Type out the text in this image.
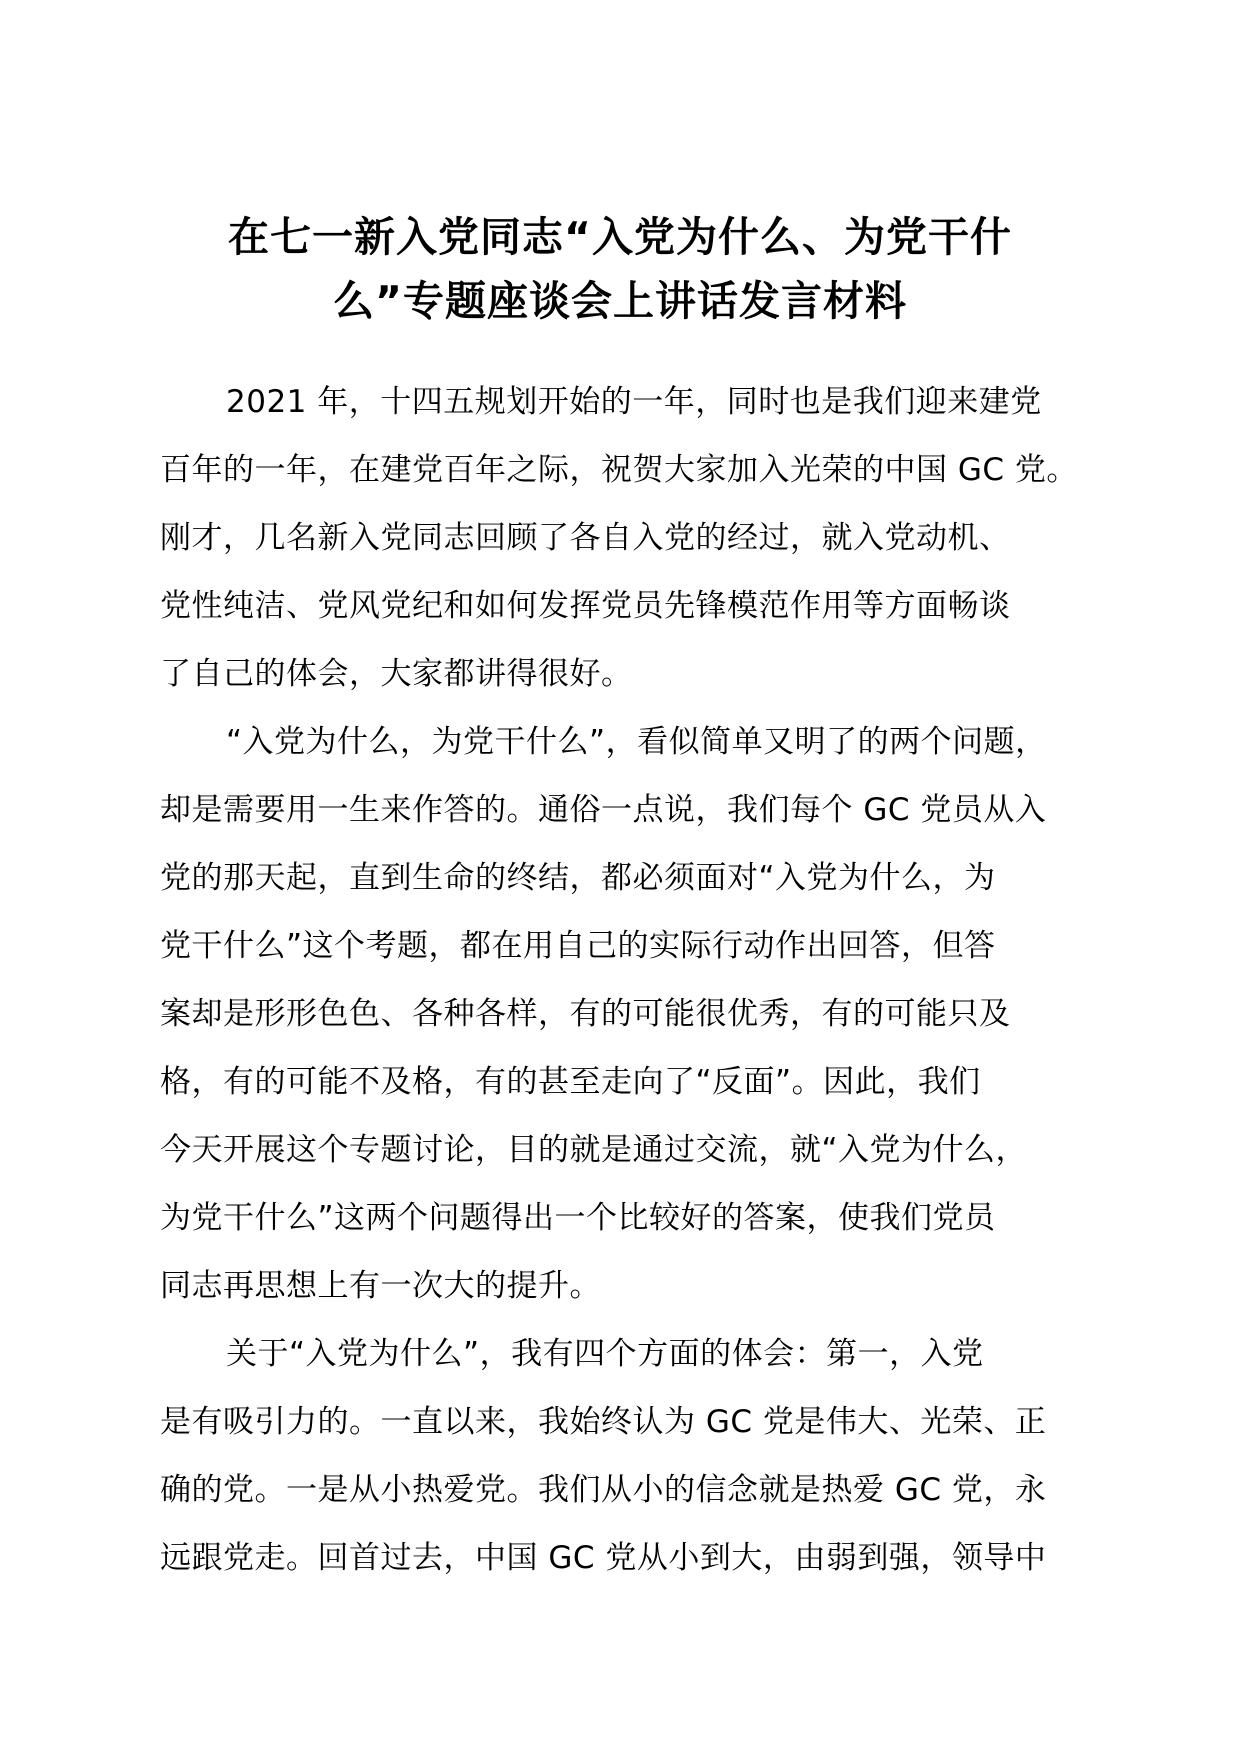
在七一新入党同志“入党为什么、为党干什
么”专题座谈会上讲话发言材料
2021 年，十四五规划开始的一年，同时也是我们迎来建党
百年的一年，在建党百年之际，祝贺大家加入光荣的中国 GC 党。
刚才，几名新入党同志回顾了各自入党的经过，就入党动机、
党性纯洁、党风党纪和如何发挥党员先锋模范作用等方面畅谈
了自己的体会，大家都讲得很好。
“入党为什么，为党干什么”，看似简单又明了的两个问题，
却是需要用一生来作答的。通俗一点说，我们每个 GC 党员从入
党的那天起，直到生命的终结，都必须面对“入党为什么，为
党干什么”这个考题，都在用自己的实际行动作出回答，但答
案却是形形色色、各种各样，有的可能很优秀，有的可能只及
格，有的可能不及格，有的甚至走向了“反面”。因此，我们
今天开展这个专题讨论，目的就是通过交流，就“入党为什么，
为党干什么”这两个问题得出一个比较好的答案，使我们党员
同志再思想上有一次大的提升。
关于“入党为什么”，我有四个方面的体会：第一，入党
是有吸引力的。一直以来，我始终认为 GC 党是伟大、光荣、正
确的党。一是从小热爱党。我们从小的信念就是热爱 GC 党，永
远跟党走。回首过去，中国 GC 党从小到大，由弱到强，领导中
